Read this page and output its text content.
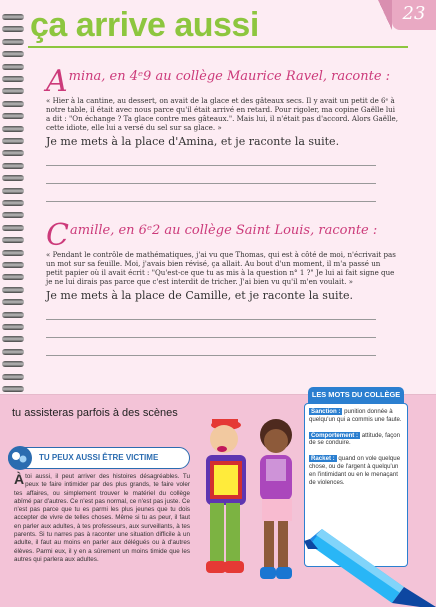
ça arrive aussi	23
A mina, en 4ᵉ9 au collège Maurice Ravel, raconte :
« Hier à la cantine, au dessert, on avait de la glace et des gâteaux secs. Il y avait un petit de 6ᵉ à notre table, il était avec nous parce qu'il était arrivé en retard. Pour rigoler, ma copine Gaëlle lui a dit : "On échange ? Ta glace contre mes gâteaux.". Mais lui, il n'était pas d'accord. Alors Gaëlle, cette idiote, elle lui a versé du sel sur sa glace. »
Je me mets à la place d'Amina, et je raconte la suite.
C amille, en 6ᵉ2 au collège Saint Louis, raconte :
« Pendant le contrôle de mathématiques, j'ai vu que Thomas, qui est à côté de moi, n'écrivait pas un mot sur sa feuille. Moi, j'avais bien révisé, ça allait. Au bout d'un moment, il m'a passé un petit papier où il avait écrit : "Qu'est-ce que tu as mis à la question n° 1 ?" Je lui ai fait signe que je ne lui dirais pas parce que c'est interdit de tricher. J'ai bien vu qu'il m'en voulait. »
Je me mets à la place de Camille, et je raconte la suite.
tu assisteras parfois à des scènes
TU PEUX AUSSI ÊTRE VICTIME
À toi aussi, il peut arriver des histoires désagréables. Tu peux te faire intimider par des plus grands, te faire voler tes affaires, ou simplement trouver le matériel du collège abîmé par d'autres. Ce n'est pas normal, ce n'est pas juste. Ce n'est pas parce que tu es parmi les plus jeunes que tu dois accepter de vivre de telles choses. Même si tu as peur, il faut en parler aux adultes, à tes professeurs, aux surveillants, à tes parents. Si tu narres pas à raconter une situation difficile à un adulte, il faut au moins en parler aux délégués ou à d'autres élèves. Parmi eux, il y en a sûrement un moins timide que les autres qui parlera aux adultes.
LES MOTS DU COLLÈGE
Sanction : punition donnée à quelqu'un qui a commis une faute.
Comportement : attitude, façon de se conduire.
Racket : quand on vole quelque chose, ou de l'argent à quelqu'un en l'intimidant ou en le menaçant de violences.
